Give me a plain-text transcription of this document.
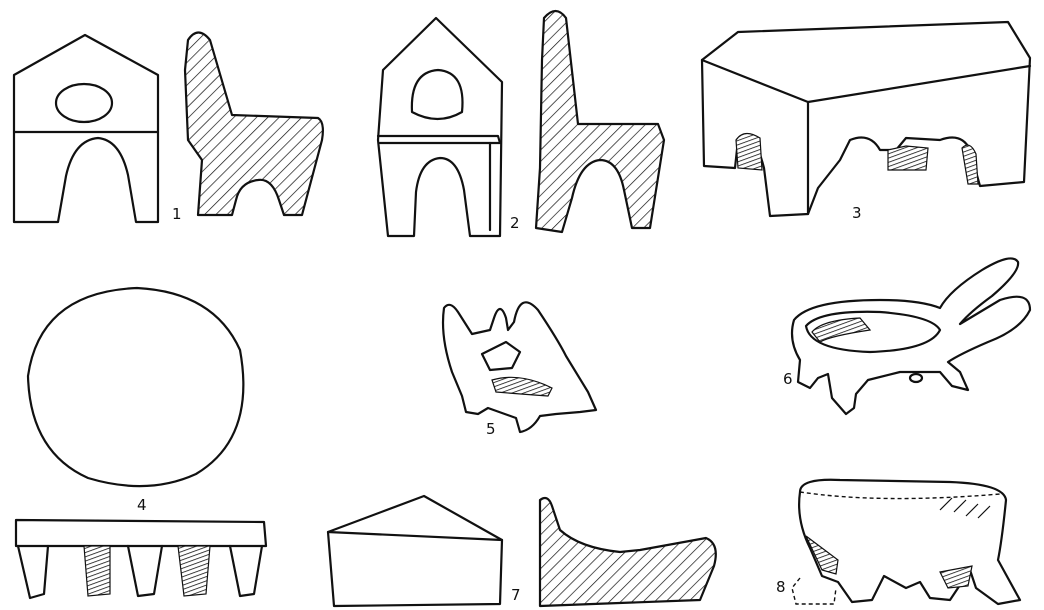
1	2
3
4
5
6
7	8
